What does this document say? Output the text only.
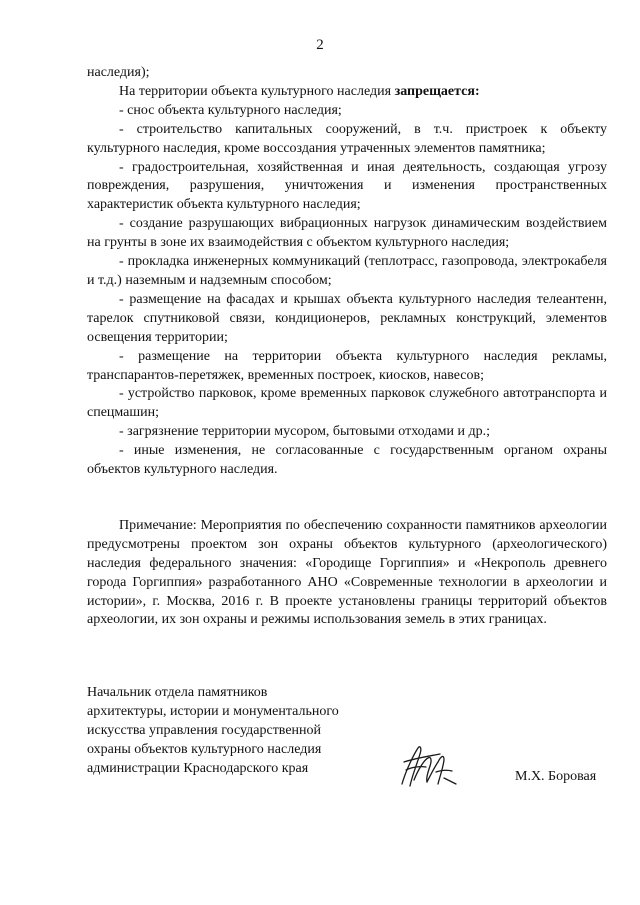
2

наследия);

На территории объекта культурного наследия запрещается:

- снос объекта культурного наследия;

- строительство капитальных сооружений, в т.ч. пристроек к объекту культурного наследия, кроме воссоздания утраченных элементов памятника;

- градостроительная, хозяйственная и иная деятельность, создающая угрозу повреждения, разрушения, уничтожения и изменения пространственных характеристик объекта культурного наследия;

- создание разрушающих вибрационных нагрузок динамическим воздействием на грунты в зоне их взаимодействия с объектом культурного наследия;

- прокладка инженерных коммуникаций (теплотрасс, газопровода, электрокабеля и т.д.) наземным и надземным способом;

- размещение на фасадах и крышах объекта культурного наследия телеантенн, тарелок спутниковой связи, кондиционеров, рекламных конструкций, элементов освещения территории;

- размещение на территории объекта культурного наследия рекламы, транспарантов-перетяжек, временных построек, киосков, навесов;

- устройство парковок, кроме временных парковок служебного автотранспорта и спецмашин;

- загрязнение территории мусором, бытовыми отходами и др.;

- иные изменения, не согласованные с государственным органом охраны объектов культурного наследия.

Примечание: Мероприятия по обеспечению сохранности памятников археологии предусмотрены проектом зон охраны объектов культурного (археологического) наследия федерального значения: «Городище Горгиппия» и «Некрополь древнего города Горгиппия» разработанного АНО «Современные технологии в археологии и истории», г. Москва, 2016 г. В проекте установлены границы территорий объектов археологии, их зон охраны и режимы использования земель в этих границах.

Начальник отдела памятников
архитектуры, истории и монументального
искусства управления государственной
охраны объектов культурного наследия
администрации Краснодарского края
М.Х. Боровая
